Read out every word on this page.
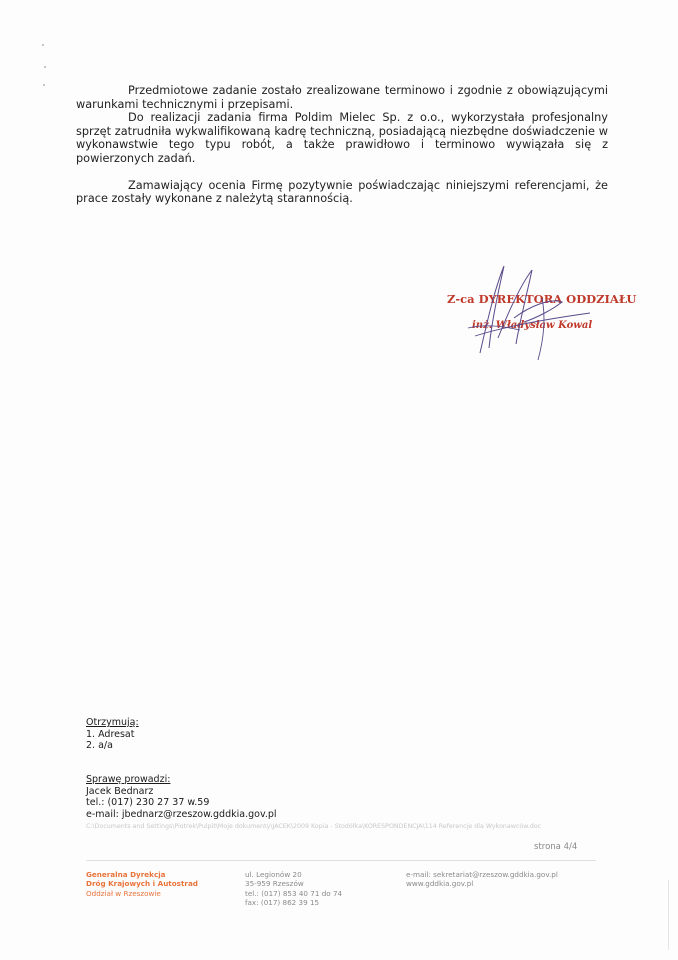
Przedmiotowe zadanie zostało zrealizowane terminowo i zgodnie z obowiązującymi warunkami technicznymi i przepisami.

Do realizacji zadania firma Poldim Mielec Sp. z o.o., wykorzystała profesjonalny sprzęt zatrudniła wykwalifikowaną kadrę techniczną, posiadającą niezbędne doświadczenie w wykonawstwie tego typu robót, a także prawidłowo i terminowo wywiązała się z powierzonych zadań.

Zamawiający ocenia Firmę pozytywnie poświadczając niniejszymi referencjami, że prace zostały wykonane z należytą starannością.

Z-ca DYREKTORA ODDZIAŁU
inż. Władysław Kowal
Otrzymują:
1. Adresat
2. a/a
Sprawę prowadzi:
Jacek Bednarz
tel.: (017) 230 27 37 w.59
e-mail: jbednarz@rzeszow.gddkia.gov.pl
C:\Documents and Settings\Piotrek\Pulpit\Moje dokumenty\JACEK\2009 Kopia - Stodółka\KORESPONDENCJA\114 Referencje dla Wykonawców.doc
strona 4/4
Generalna Dyrekcja
Dróg Krajowych i Autostrad
Oddział w Rzeszowie
ul. Legionów 20
35-959 Rzeszów
tel.: (017) 853 40 71 do 74
fax: (017) 862 39 15
e-mail: sekretariat@rzeszow.gddkia.gov.pl
www.gddkia.gov.pl
